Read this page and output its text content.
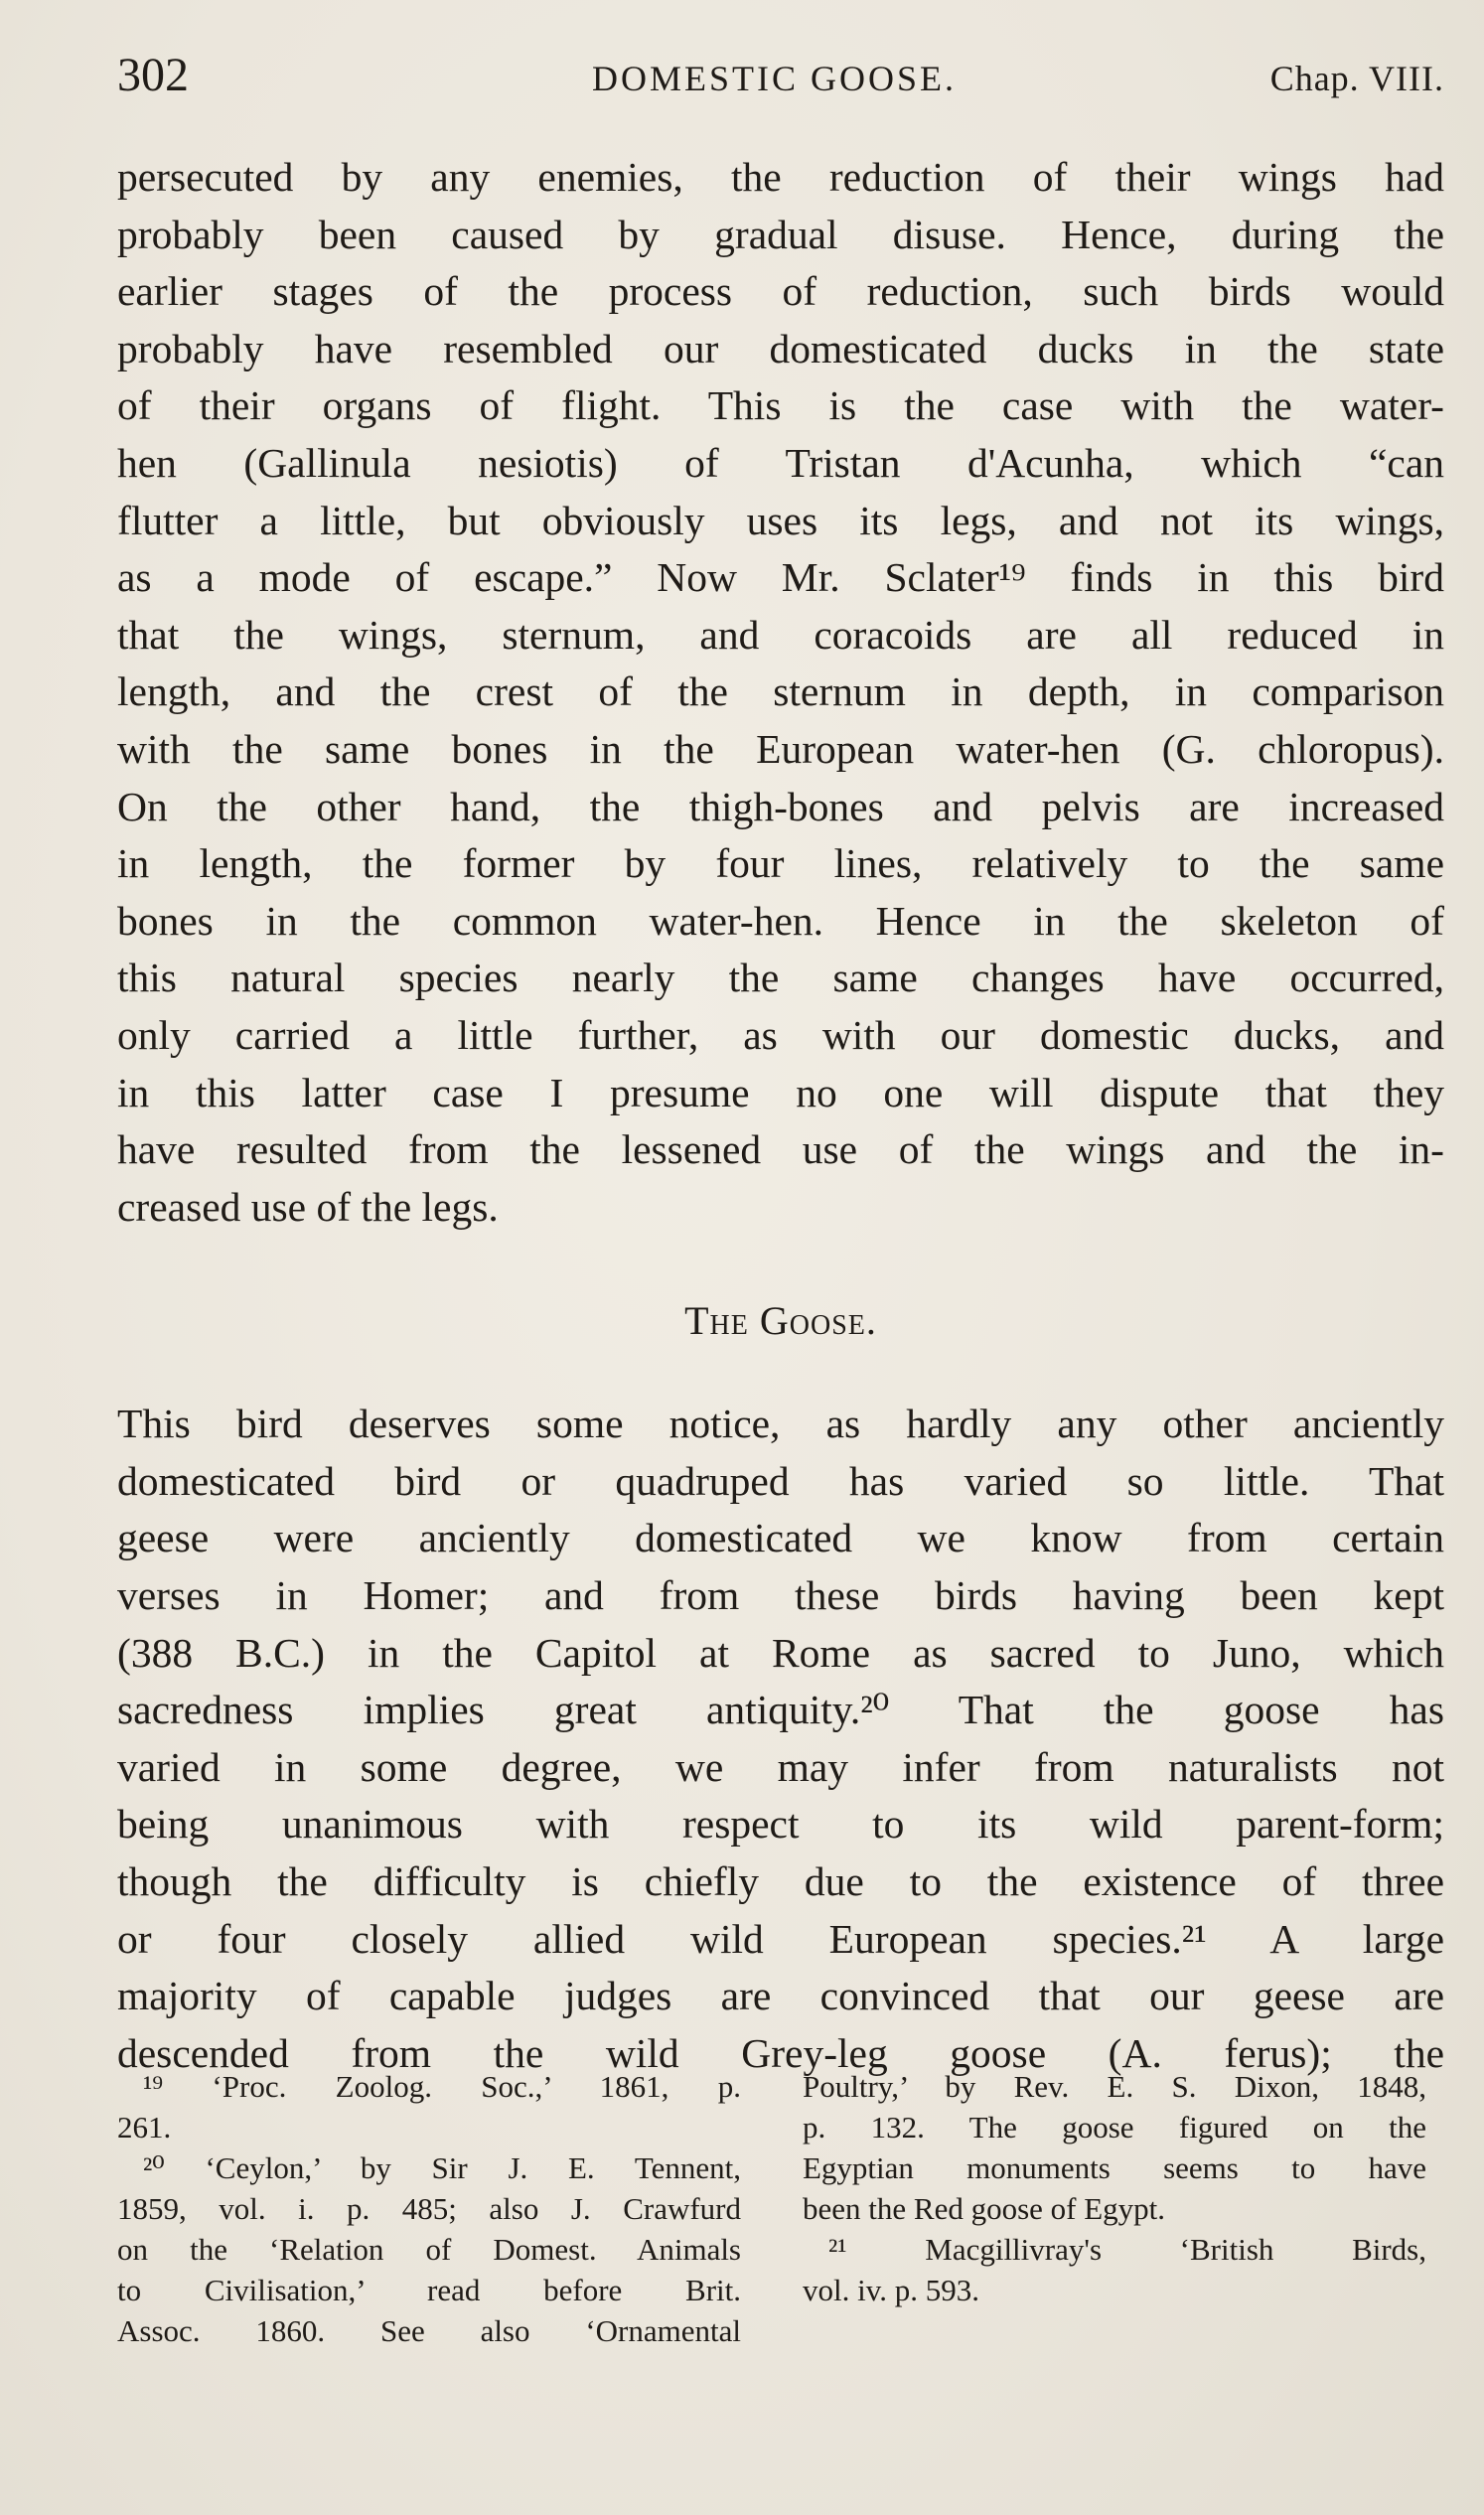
302	DOMESTIC GOOSE.	Chap. VIII.

persecuted by any enemies, the reduction of their wings had
probably been caused by gradual disuse. Hence, during the
earlier stages of the process of reduction, such birds would
probably have resembled our domesticated ducks in the state
of their organs of flight. This is the case with the water-
hen (Gallinula nesiotis) of Tristan d'Acunha, which “can
flutter a little, but obviously uses its legs, and not its wings,
as a mode of escape.” Now Mr. Sclater¹⁹ finds in this bird
that the wings, sternum, and coracoids are all reduced in
length, and the crest of the sternum in depth, in comparison
with the same bones in the European water-hen (G. chloropus).
On the other hand, the thigh-bones and pelvis are increased
in length, the former by four lines, relatively to the same
bones in the common water-hen. Hence in the skeleton of
this natural species nearly the same changes have occurred,
only carried a little further, as with our domestic ducks, and
in this latter case I presume no one will dispute that they
have resulted from the lessened use of the wings and the in-
creased use of the legs.

The Goose.

This bird deserves some notice, as hardly any other anciently
domesticated bird or quadruped has varied so little. That
geese were anciently domesticated we know from certain
verses in Homer; and from these birds having been kept
(388 B.C.) in the Capitol at Rome as sacred to Juno, which
sacredness implies great antiquity.²⁰ That the goose has
varied in some degree, we may infer from naturalists not
being unanimous with respect to its wild parent-form;
though the difficulty is chiefly due to the existence of three
or four closely allied wild European species.²¹ A large
majority of capable judges are convinced that our geese are
descended from the wild Grey-leg goose (A. ferus); the

¹⁹ ‘Proc. Zoolog. Soc.,’ 1861, p.
261.
²⁰ ‘Ceylon,’ by Sir J. E. Tennent,
1859, vol. i. p. 485; also J. Crawfurd
on the ‘Relation of Domest. Animals
to Civilisation,’ read before Brit.
Assoc. 1860. See also ‘Ornamental
Poultry,’ by Rev. E. S. Dixon, 1848,
p. 132. The goose figured on the
Egyptian monuments seems to have
been the Red goose of Egypt.
²¹ Macgillivray's ‘British Birds,
vol. iv. p. 593.
